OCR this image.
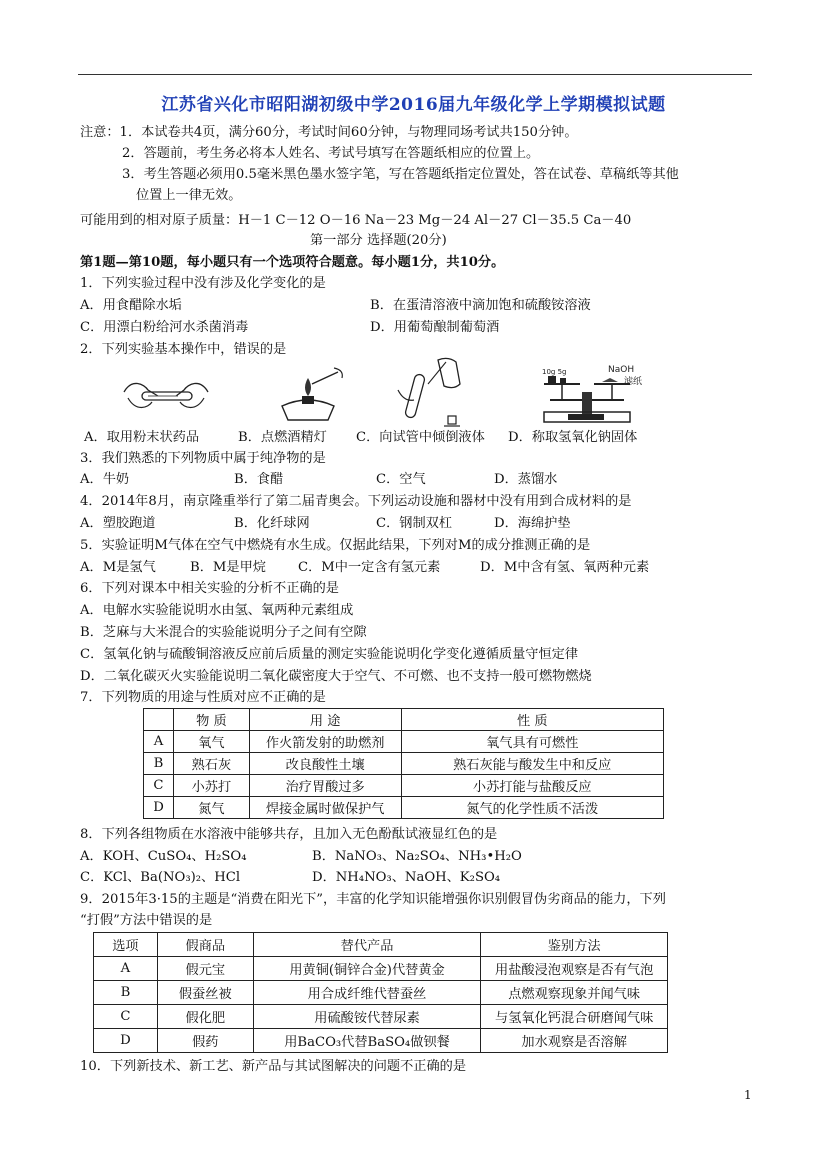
江苏省兴化市昭阳湖初级中学2016届九年级化学上学期模拟试题
注意：1．本试卷共4页，满分60分，考试时间60分钟，与物理同场考试共150分钟。
2．答题前，考生务必将本人姓名、考试号填写在答题纸相应的位置上。
3．考生答题必须用0.5毫米黑色墨水签字笔，写在答题纸指定位置处，答在试卷、草稿纸等其他
位置上一律无效。
可能用到的相对原子质量：H－1 C－12 O－16 Na－23 Mg－24 Al－27 Cl－35.5 Ca－40
第一部分 选择题(20分)
第1题—第10题，每小题只有一个选项符合题意。每小题1分，共10分。
1．下列实验过程中没有涉及化学变化的是
A．用食醋除水垢	B．在蛋清溶液中滴加饱和硫酸铵溶液
C．用漂白粉给河水杀菌消毒	D．用葡萄酿制葡萄酒
2．下列实验基本操作中，错误的是
10g 5g	NaOH
滤纸
A．取用粉末状药品	B．点燃酒精灯 C．向试管中倾倒液体 D．称取氢氧化钠固体
3．我们熟悉的下列物质中属于纯净物的是
A．牛奶	B．食醋	C．空气	D．蒸馏水
4．2014年8月，南京隆重举行了第二届青奥会。下列运动设施和器材中没有用到合成材料的是
A．塑胶跑道	B．化纤球网	C．钢制双杠	D．海绵护垫
5．实验证明M气体在空气中燃烧有水生成。仅据此结果，下列对M的成分推测正确的是
A．M是氢气	B．M是甲烷 C．M中一定含有氢元素	D．M中含有氢、氧两种元素
6．下列对课本中相关实验的分析不正确的是
A．电解水实验能说明水由氢、氧两种元素组成
B．芝麻与大米混合的实验能说明分子之间有空隙
C．氢氧化钠与硫酸铜溶液反应前后质量的测定实验能说明化学变化遵循质量守恒定律
D．二氧化碳灭火实验能说明二氧化碳密度大于空气、不可燃、也不支持一般可燃物燃烧
7．下列物质的用途与性质对应不正确的是
	物 质	用 途	性 质
A	氧气	作火箭发射的助燃剂	氧气具有可燃性
B	熟石灰	改良酸性土壤	熟石灰能与酸发生中和反应
C	小苏打	治疗胃酸过多	小苏打能与盐酸反应
D	氮气	焊接金属时做保护气	氮气的化学性质不活泼
8．下列各组物质在水溶液中能够共存，且加入无色酚酞试液显红色的是
A．KOH、CuSO₄、H₂SO₄	B．NaNO₃、Na₂SO₄、NH₃•H₂O
C．KCl、Ba(NO₃)₂、HCl	D．NH₄NO₃、NaOH、K₂SO₄
9．2015年3·15的主题是“消费在阳光下”，丰富的化学知识能增强你识别假冒伪劣商品的能力，下列
“打假”方法中错误的是
选项	假商品	替代产品	鉴别方法
A	假元宝	用黄铜(铜锌合金)代替黄金	用盐酸浸泡观察是否有气泡
B	假蚕丝被	用合成纤维代替蚕丝	点燃观察现象并闻气味
C	假化肥	用硫酸铵代替尿素	与氢氧化钙混合研磨闻气味
D	假药	用BaCO₃代替BaSO₄做钡餐	加水观察是否溶解
10．下列新技术、新工艺、新产品与其试图解决的问题不正确的是
1
